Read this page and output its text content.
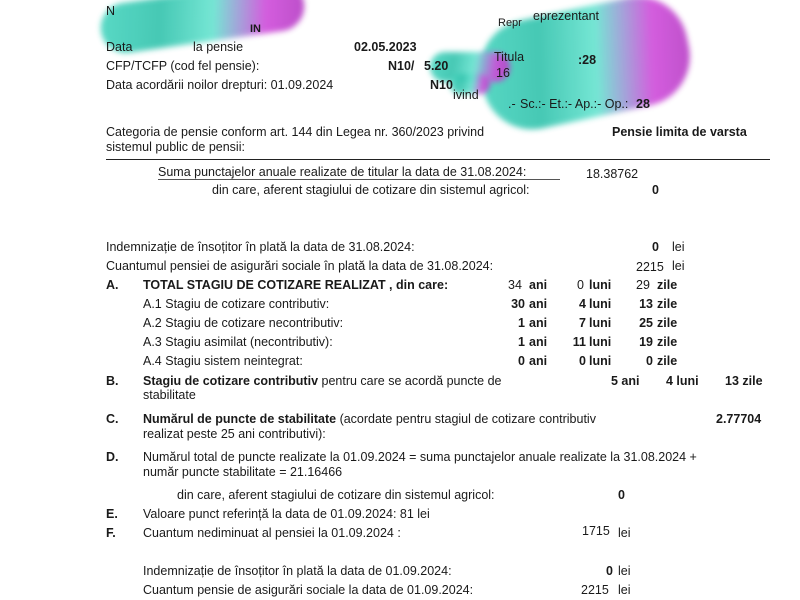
N
IN
Data	la pensie	02.05.2023
CFP/TCFP (cod fel pensie):	N10/ 5.20
Data acordării noilor drepturi: 01.09.2024	N10
Repr eprezentant
Titula	:28
16
ivind
.- Sc.:- Et.:- Ap.:- Op.: 28
Categoria de pensie conform art. 144 din Legea nr. 360/2023 privind
sistemul public de pensii:
Pensie limita de varsta
Suma punctajelor anuale realizate de titular la data de 31.08.2024:	18.38762
din care, aferent stagiului de cotizare din sistemul agricol:	0
Indemnizație de însoțitor în plată la data de 31.08.2024:	0 lei
Cuantumul pensiei de asigurări sociale în plată la data de 31.08.2024:	2215 lei
A. TOTAL STAGIU DE COTIZARE REALIZAT , din care:	34 ani 0 luni 29 zile
A.1 Stagiu de cotizare contributiv:	30 ani	4 luni	13 zile
A.2 Stagiu de cotizare necontributiv:	1 ani	7 luni	25 zile
A.3 Stagiu asimilat (necontributiv):	1 ani	11 luni	19 zile
A.4 Stagiu sistem neintegrat:	0 ani	0 luni	0 zile
B. Stagiu de cotizare contributiv pentru care se acordă puncte de
stabilitate
5 ani 4 luni 13 zile
C. Numărul de puncte de stabilitate (acordate pentru stagiul de cotizare contributiv
realizat peste 25 ani contributivi):
2.77704
D. Numărul total de puncte realizate la 01.09.2024 = suma punctajelor anuale realizate la 31.08.2024 +
număr puncte stabilitate = 21.16466
din care, aferent stagiului de cotizare din sistemul agricol:	0
E. Valoare punct referință la data de 01.09.2024: 81 lei
F. Cuantum nediminuat al pensiei la 01.09.2024 :	1715 lei
Indemnizație de însoțitor în plată la data de 01.09.2024:	0 lei
Cuantum pensie de asigurări sociale la data de 01.09.2024:	2215 lei
